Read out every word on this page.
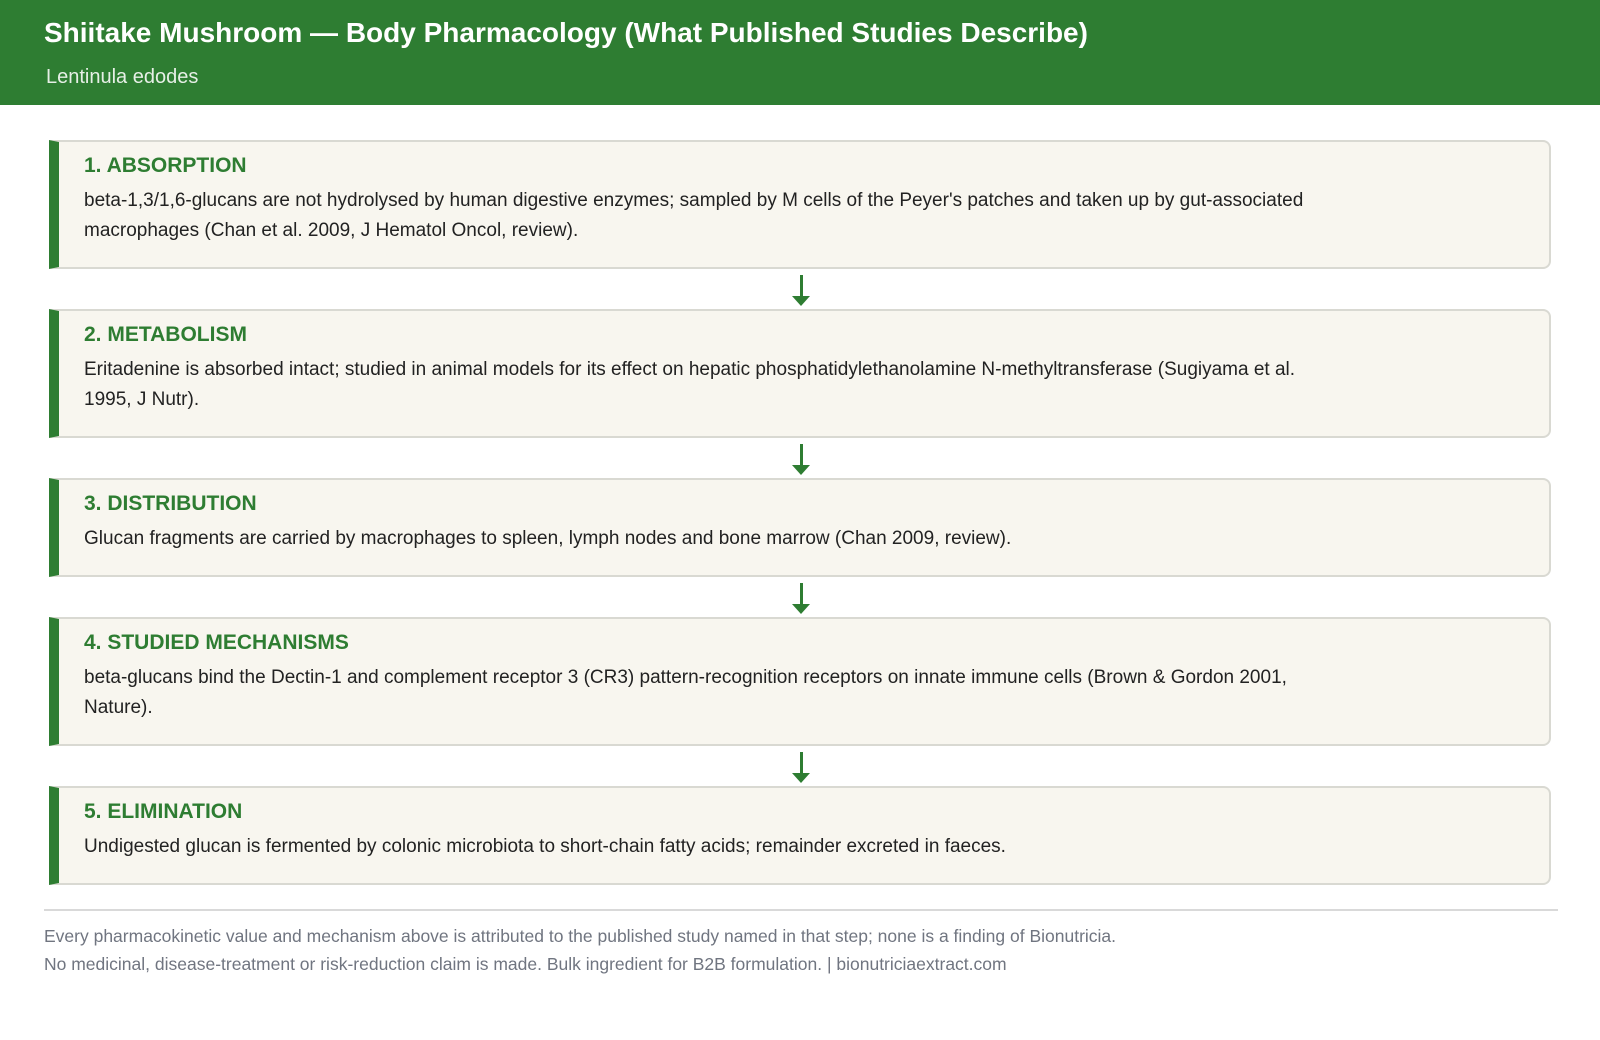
Shiitake Mushroom — Body Pharmacology (What Published Studies Describe)
Lentinula edodes
1. ABSORPTION
beta-1,3/1,6-glucans are not hydrolysed by human digestive enzymes; sampled by M cells of the Peyer's patches and taken up by gut-associated macrophages (Chan et al. 2009, J Hematol Oncol, review).
2. METABOLISM
Eritadenine is absorbed intact; studied in animal models for its effect on hepatic phosphatidylethanolamine N-methyltransferase (Sugiyama et al. 1995, J Nutr).
3. DISTRIBUTION
Glucan fragments are carried by macrophages to spleen, lymph nodes and bone marrow (Chan 2009, review).
4. STUDIED MECHANISMS
beta-glucans bind the Dectin-1 and complement receptor 3 (CR3) pattern-recognition receptors on innate immune cells (Brown & Gordon 2001, Nature).
5. ELIMINATION
Undigested glucan is fermented by colonic microbiota to short-chain fatty acids; remainder excreted in faeces.
Every pharmacokinetic value and mechanism above is attributed to the published study named in that step; none is a finding of Bionutricia.
No medicinal, disease-treatment or risk-reduction claim is made. Bulk ingredient for B2B formulation. | bionutriciaextract.com
